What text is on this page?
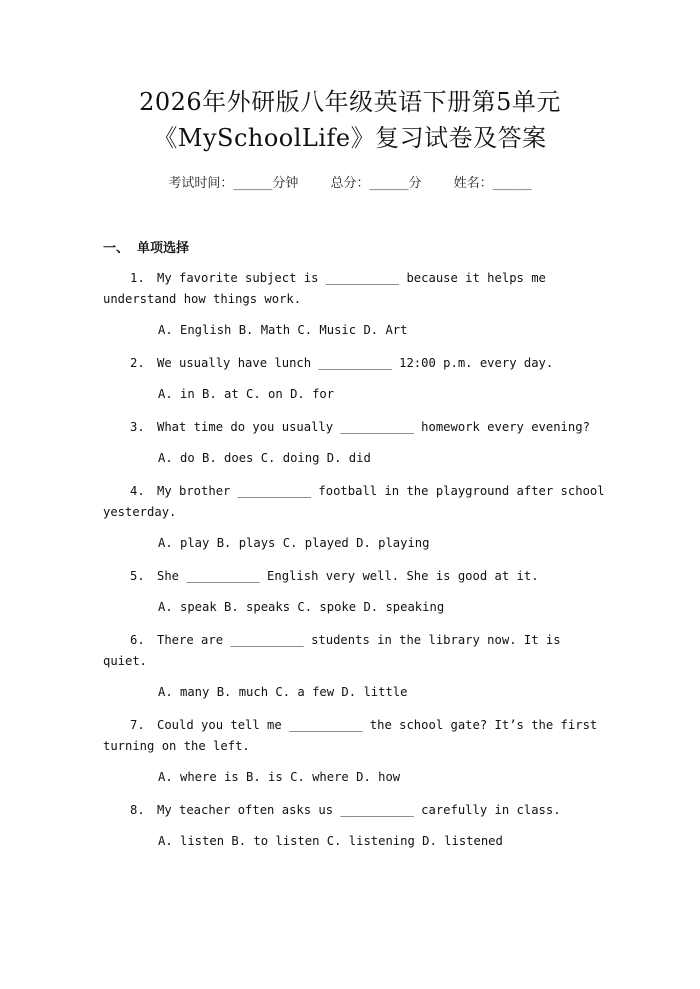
2026年外研版八年级英语下册第5单元
《MySchoolLife》复习试卷及答案
考试时间：______分钟 总分：______分 姓名：______
一、 单项选择
1. My favorite subject is __________ because it helps me understand how things work.
A. English B. Math C. Music D. Art
2. We usually have lunch __________ 12:00 p.m. every day.
A. in B. at C. on D. for
3. What time do you usually __________ homework every evening?
A. do B. does C. doing D. did
4. My brother __________ football in the playground after school yesterday.
A. play B. plays C. played D. playing
5. She __________ English very well. She is good at it.
A. speak B. speaks C. spoke D. speaking
6. There are __________ students in the library now. It is quiet.
A. many B. much C. a few D. little
7. Could you tell me __________ the school gate? It’s the first turning on the left.
A. where is B. is C. where D. how
8. My teacher often asks us __________ carefully in class.
A. listen B. to listen C. listening D. listened
